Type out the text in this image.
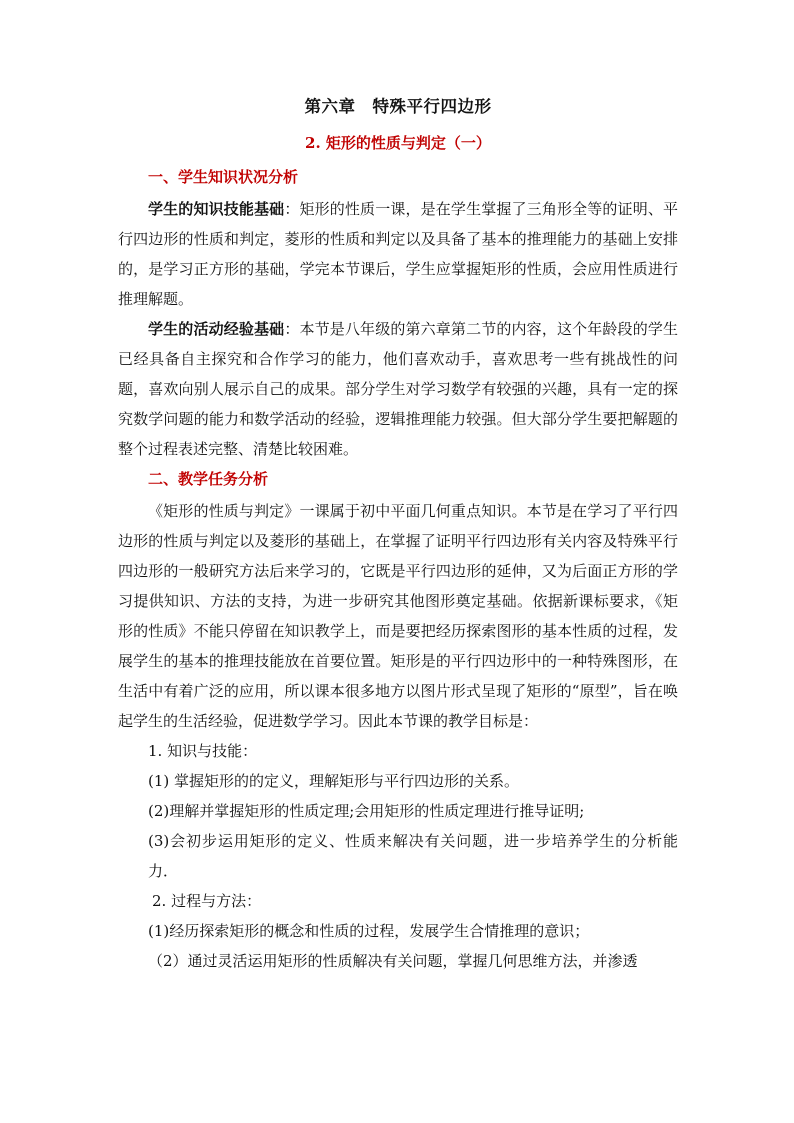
第六章　特殊平行四边形
2. 矩形的性质与判定（一）
一、学生知识状况分析

学生的知识技能基础：矩形的性质一课，是在学生掌握了三角形全等的证明、平行四边形的性质和判定，菱形的性质和判定以及具备了基本的推理能力的基础上安排的，是学习正方形的基础，学完本节课后，学生应掌握矩形的性质，会应用性质进行推理解题。

学生的活动经验基础：本节是八年级的第六章第二节的内容，这个年龄段的学生已经具备自主探究和合作学习的能力，他们喜欢动手，喜欢思考一些有挑战性的问题，喜欢向别人展示自己的成果。部分学生对学习数学有较强的兴趣，具有一定的探究数学问题的能力和数学活动的经验，逻辑推理能力较强。但大部分学生要把解题的整个过程表述完整、清楚比较困难。

二、教学任务分析

《矩形的性质与判定》一课属于初中平面几何重点知识。本节是在学习了平行四边形的性质与判定以及菱形的基础上，在掌握了证明平行四边形有关内容及特殊平行四边形的一般研究方法后来学习的，它既是平行四边形的延伸，又为后面正方形的学习提供知识、方法的支持，为进一步研究其他图形奠定基础。依据新课标要求，《矩形的性质》不能只停留在知识教学上，而是要把经历探索图形的基本性质的过程，发展学生的基本的推理技能放在首要位置。矩形是的平行四边形中的一种特殊图形，在生活中有着广泛的应用，所以课本很多地方以图片形式呈现了矩形的“原型”，旨在唤起学生的生活经验，促进数学学习。因此本节课的教学目标是：

1. 知识与技能：

(1) 掌握矩形的的定义，理解矩形与平行四边形的关系。

(2)理解并掌握矩形的性质定理;会用矩形的性质定理进行推导证明;

(3)会初步运用矩形的定义、性质来解决有关问题，进一步培养学生的分析能力．

2. 过程与方法：

(1)经历探索矩形的概念和性质的过程，发展学生合情推理的意识；

（2）通过灵活运用矩形的性质解决有关问题，掌握几何思维方法，并渗透
